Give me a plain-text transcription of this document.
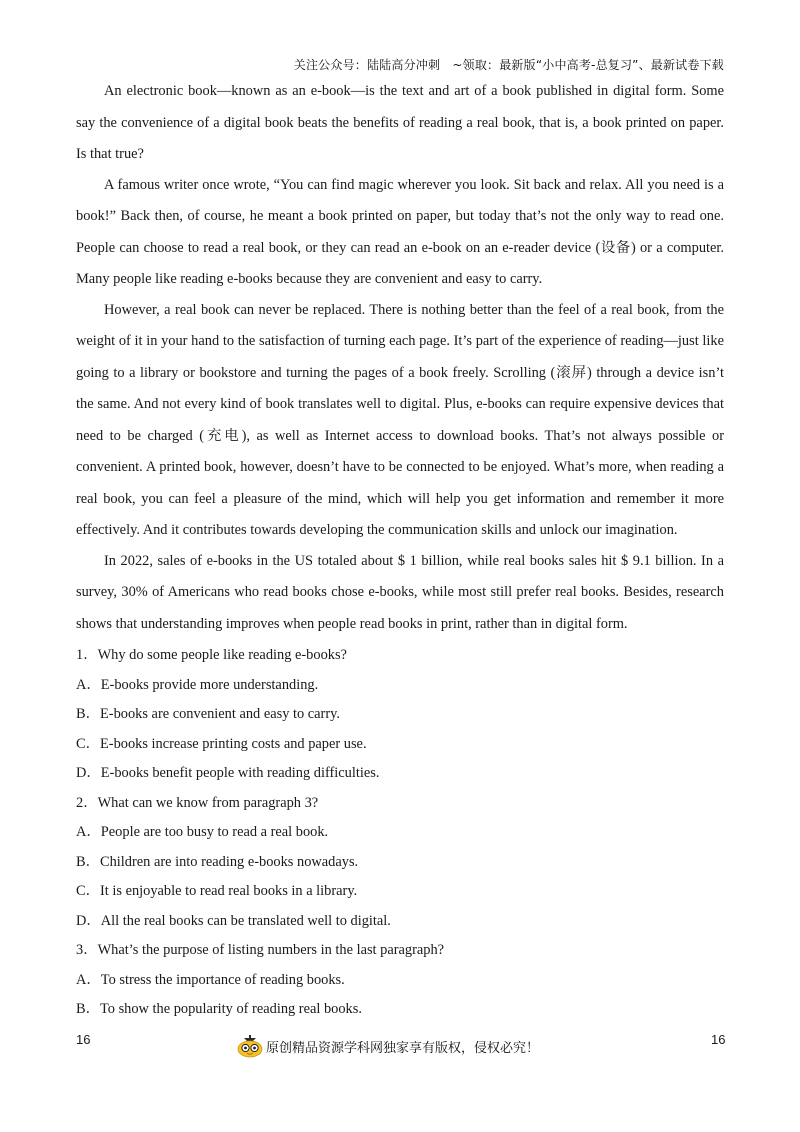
关注公众号：陆陆高分冲刺　~领取：最新版“小中高考-总复习”、最新试卷下载

An electronic book—known as an e-book—is the text and art of a book published in digital form. Some say the convenience of a digital book beats the benefits of reading a real book, that is, a book printed on paper. Is that true?

A famous writer once wrote, “You can find magic wherever you look. Sit back and relax. All you need is a book!” Back then, of course, he meant a book printed on paper, but today that’s not the only way to read one. People can choose to read a real book, or they can read an e-book on an e-reader device (设备) or a computer. Many people like reading e-books because they are convenient and easy to carry.

However, a real book can never be replaced. There is nothing better than the feel of a real book, from the weight of it in your hand to the satisfaction of turning each page. It’s part of the experience of reading—just like going to a library or bookstore and turning the pages of a book freely. Scrolling (滚屏) through a device isn’t the same. And not every kind of book translates well to digital. Plus, e-books can require expensive devices that need to be charged (充电), as well as Internet access to download books. That’s not always possible or convenient. A printed book, however, doesn’t have to be connected to be enjoyed. What’s more, when reading a real book, you can feel a pleasure of the mind, which will help you get information and remember it more effectively. And it contributes towards developing the communication skills and unlock our imagination.

In 2022, sales of e-books in the US totaled about $ 1 billion, while real books sales hit $ 9.1 billion. In a survey, 30% of Americans who read books chose e-books, while most still prefer real books. Besides, research shows that understanding improves when people read books in print, rather than in digital form.

1．Why do some people like reading e-books?

A．E-books provide more understanding.

B．E-books are convenient and easy to carry.

C．E-books increase printing costs and paper use.

D．E-books benefit people with reading difficulties.

2．What can we know from paragraph 3?

A．People are too busy to read a real book.

B．Children are into reading e-books nowadays.

C．It is enjoyable to read real books in a library.

D．All the real books can be translated well to digital.

3．What’s the purpose of listing numbers in the last paragraph?

A．To stress the importance of reading books.

B．To show the popularity of reading real books.

16
原创精品资源学科网独家享有版权，侵权必究！
16
